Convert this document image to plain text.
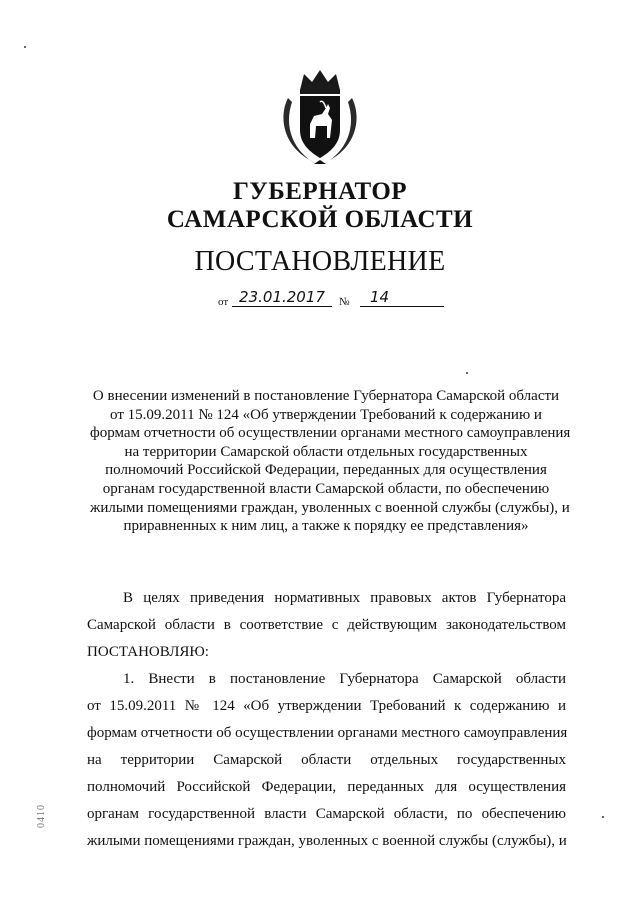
ГУБЕРНАТОР
САМАРСКОЙ ОБЛАСТИ
ПОСТАНОВЛЕНИЕ
от 23.01.2017	№	14
О внесении изменений в постановление Губернатора Самарской области
от 15.09.2011 № 124 «Об утверждении Требований к содержанию и
формам отчетности об осуществлении органами местного самоуправления
на территории Самарской области отдельных государственных
полномочий Российской Федерации, переданных для осуществления
органам государственной власти Самарской области, по обеспечению
жилыми помещениями граждан, уволенных с военной службы (службы), и
приравненных к ним лиц, а также к порядку ее представления»
В целях приведения нормативных правовых актов Губернатора
Самарской области в соответствие с действующим законодательством
ПОСТАНОВЛЯЮ:
1. Внести в постановление Губернатора Самарской области
от 15.09.2011 № 124 «Об утверждении Требований к содержанию и
формам отчетности об осуществлении органами местного самоуправления
на территории Самарской области отдельных государственных
полномочий Российской Федерации, переданных для осуществления
органам государственной власти Самарской области, по обеспечению
жилыми помещениями граждан, уволенных с военной службы (службы), и
0410
